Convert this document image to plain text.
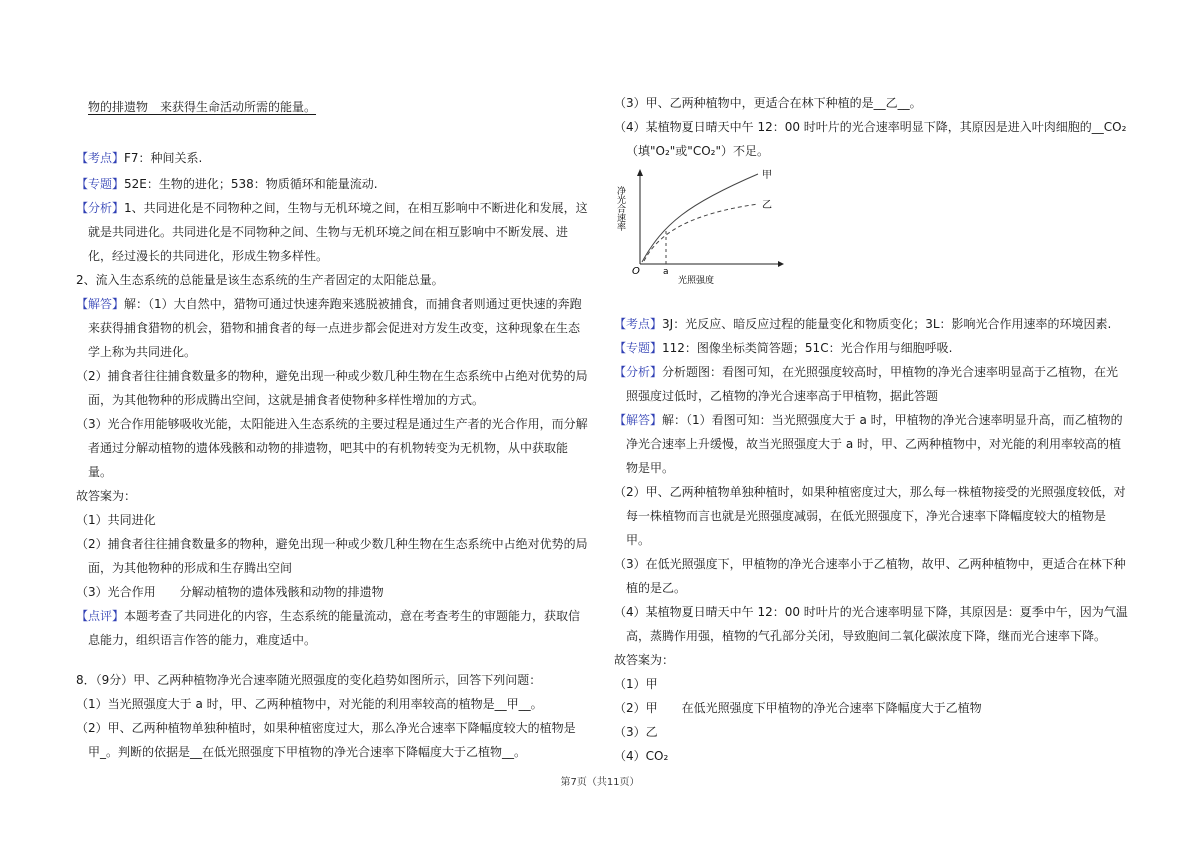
物的排遗物　来获得生命活动所需的能量。
【考点】F7：种间关系.
【专题】52E：生物的进化；538：物质循环和能量流动.
【分析】1、共同进化是不同物种之间，生物与无机环境之间，在相互影响中不断进化和发展，这
就是共同进化。共同进化是不同物种之间、生物与无机环境之间在相互影响中不断发展、进
化，经过漫长的共同进化，形成生物多样性。
2、流入生态系统的总能量是该生态系统的生产者固定的太阳能总量。
【解答】解：（1）大自然中，猎物可通过快速奔跑来逃脱被捕食，而捕食者则通过更快速的奔跑
来获得捕食猎物的机会，猎物和捕食者的每一点进步都会促进对方发生改变，这种现象在生态
学上称为共同进化。
（2）捕食者往往捕食数量多的物种，避免出现一种或少数几种生物在生态系统中占绝对优势的局
面，为其他物种的形成腾出空间，这就是捕食者使物种多样性增加的方式。
（3）光合作用能够吸收光能，太阳能进入生态系统的主要过程是通过生产者的光合作用，而分解
者通过分解动植物的遗体残骸和动物的排遗物，吧其中的有机物转变为无机物，从中获取能
量。
故答案为：
（1）共同进化
（2）捕食者往往捕食数量多的物种，避免出现一种或少数几种生物在生态系统中占绝对优势的局
面，为其他物种的形成和生存腾出空间
（3）光合作用　　分解动植物的遗体残骸和动物的排遗物
【点评】本题考查了共同进化的内容，生态系统的能量流动，意在考查考生的审题能力，获取信
息能力，组织语言作答的能力，难度适中。
8．（9分）甲、乙两种植物净光合速率随光照强度的变化趋势如图所示，回答下列问题：
（1）当光照强度大于 a 时，甲、乙两种植物中，对光能的利用率较高的植物是__甲__。
（2）甲、乙两种植物单独种植时，如果种植密度过大，那么净光合速率下降幅度较大的植物是
甲_。判断的依据是__在低光照强度下甲植物的净光合速率下降幅度大于乙植物__。
甲
乙
O	a
光照强度
净光合速率
（3）甲、乙两种植物中，更适合在林下种植的是__乙__。
（4）某植物夏日晴天中午 12：00 时叶片的光合速率明显下降，其原因是进入叶肉细胞的__CO₂
（填"O₂"或"CO₂"）不足。
【考点】3J：光反应、暗反应过程的能量变化和物质变化；3L：影响光合作用速率的环境因素.
【专题】112：图像坐标类简答题；51C：光合作用与细胞呼吸.
【分析】分析题图：看图可知，在光照强度较高时，甲植物的净光合速率明显高于乙植物，在光
照强度过低时，乙植物的净光合速率高于甲植物，据此答题
【解答】解：（1）看图可知：当光照强度大于 a 时，甲植物的净光合速率明显升高，而乙植物的
净光合速率上升缓慢，故当光照强度大于 a 时，甲、乙两种植物中，对光能的利用率较高的植
物是甲。
（2）甲、乙两种植物单独种植时，如果种植密度过大，那么每一株植物接受的光照强度较低，对
每一株植物而言也就是光照强度减弱，在低光照强度下，净光合速率下降幅度较大的植物是
甲。
（3）在低光照强度下，甲植物的净光合速率小于乙植物，故甲、乙两种植物中，更适合在林下种
植的是乙。
（4）某植物夏日晴天中午 12：00 时叶片的光合速率明显下降，其原因是：夏季中午，因为气温
高，蒸腾作用强，植物的气孔部分关闭，导致胞间二氧化碳浓度下降，继而光合速率下降。
故答案为：
（1）甲
（2）甲　　在低光照强度下甲植物的净光合速率下降幅度大于乙植物
（3）乙
（4）CO₂
第7页（共11页）
